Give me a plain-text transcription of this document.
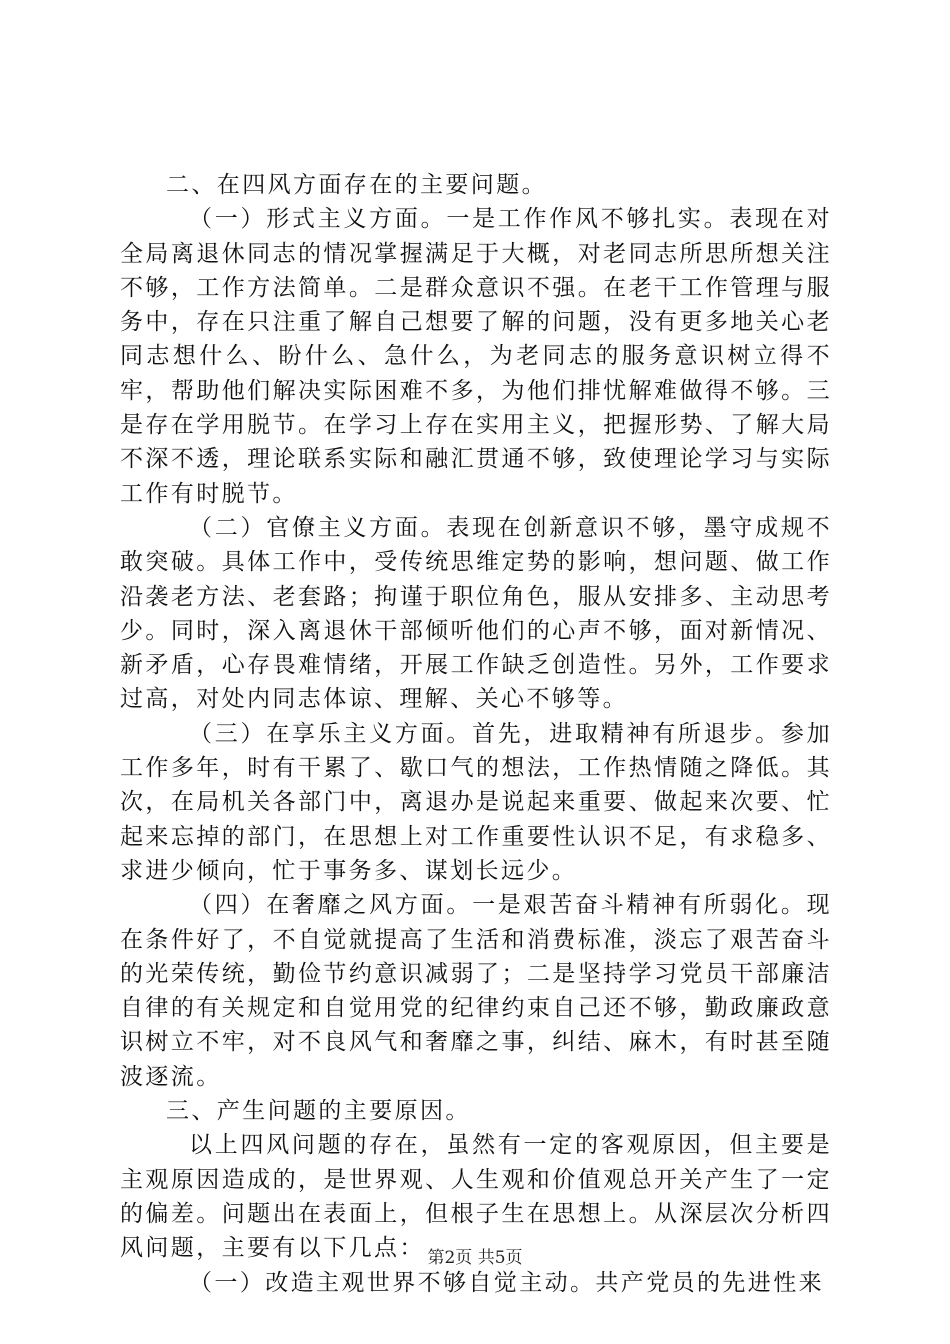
二、在四风方面存在的主要问题。

（一）形式主义方面。一是工作作风不够扎实。表现在对全局离退休同志的情况掌握满足于大概，对老同志所思所想关注不够，工作方法简单。二是群众意识不强。在老干工作管理与服务中，存在只注重了解自己想要了解的问题，没有更多地关心老同志想什么、盼什么、急什么，为老同志的服务意识树立得不牢，帮助他们解决实际困难不多，为他们排忧解难做得不够。三是存在学用脱节。在学习上存在实用主义，把握形势、了解大局不深不透，理论联系实际和融汇贯通不够，致使理论学习与实际工作有时脱节。

（二）官僚主义方面。表现在创新意识不够，墨守成规不敢突破。具体工作中，受传统思维定势的影响，想问题、做工作沿袭老方法、老套路；拘谨于职位角色，服从安排多、主动思考少。同时，深入离退休干部倾听他们的心声不够，面对新情况、新矛盾，心存畏难情绪，开展工作缺乏创造性。另外，工作要求过高，对处内同志体谅、理解、关心不够等。

（三）在享乐主义方面。首先，进取精神有所退步。参加工作多年，时有干累了、歇口气的想法，工作热情随之降低。其次，在局机关各部门中，离退办是说起来重要、做起来次要、忙起来忘掉的部门，在思想上对工作重要性认识不足，有求稳多、求进少倾向，忙于事务多、谋划长远少。

（四）在奢靡之风方面。一是艰苦奋斗精神有所弱化。现在条件好了，不自觉就提高了生活和消费标准，淡忘了艰苦奋斗的光荣传统，勤俭节约意识减弱了；二是坚持学习党员干部廉洁自律的有关规定和自觉用党的纪律约束自己还不够，勤政廉政意识树立不牢，对不良风气和奢靡之事，纠结、麻木，有时甚至随波逐流。

三、产生问题的主要原因。

以上四风问题的存在，虽然有一定的客观原因，但主要是主观原因造成的，是世界观、人生观和价值观总开关产生了一定的偏差。问题出在表面上，但根子生在思想上。从深层次分析四风问题，主要有以下几点：

（一）改造主观世界不够自觉主动。共产党员的先进性来

第2页 共5页
